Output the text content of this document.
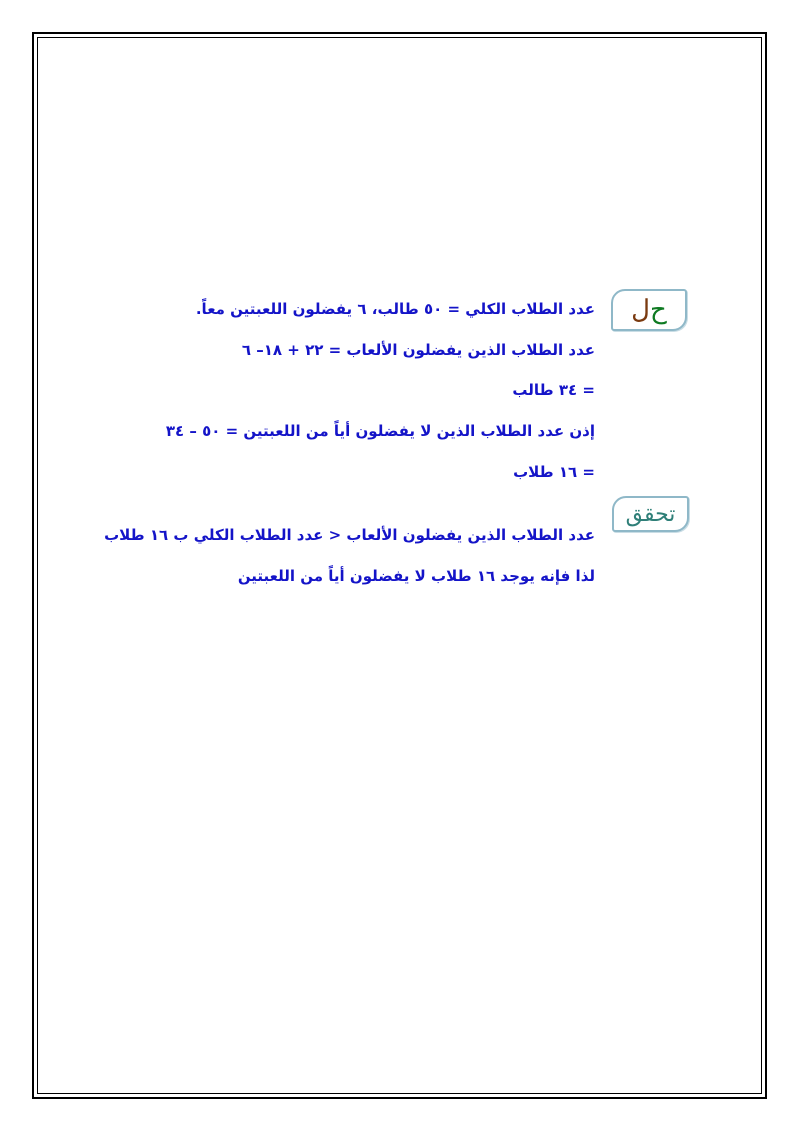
ح
ل
عدد الطلاب الكلي = ٥٠ طالب، ٦ يفضلون اللعبتين معاً.
عدد الطلاب الذين يفضلون الألعاب = ٢٢ + ١٨– ٦
= ٣٤ طالب
إذن عدد الطلاب الذين لا يفضلون أياً من اللعبتين = ٥٠ – ٣٤
= ١٦ طلاب
تحقق
عدد الطلاب الذين يفضلون الألعاب < عدد الطلاب الكلي ب ١٦ طلاب
لذا فإنه يوجد ١٦ طلاب لا يفضلون أياً من اللعبتين
